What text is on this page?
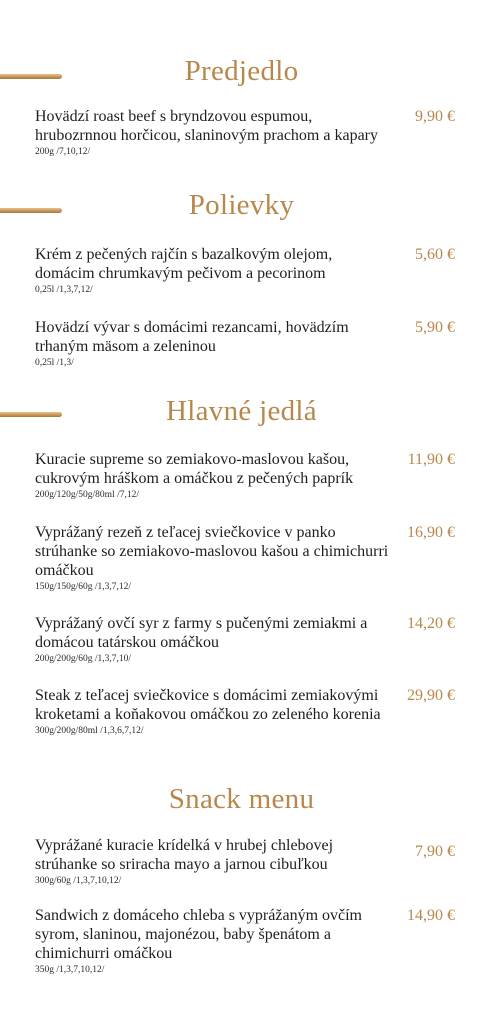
Predjedlo
Hovädzí roast beef s bryndzovou espumou, hrubozrnnou horčicou, slaninovým prachom a kapary
200g /7,10,12/
9,90 €
Polievky
Krém z pečených rajčín s bazalkovým olejom, domácim chrumkavým pečivom a pecorinom
0,25l /1,3,7,12/
5,60 €
Hovädzí vývar s domácimi rezancami, hovädzím trhaným mäsom a zeleninou
0,25l /1,3/
5,90 €
Hlavné jedlá
Kuracie supreme so zemiakovo-maslovou kašou, cukrovým hráškom a omáčkou z pečených paprík
200g/120g/50g/80ml /7,12/
11,90 €
Vyprážaný rezeň z teľacej sviečkovice v panko strúhanke so zemiakovo-maslovou kašou a chimichurri omáčkou
150g/150g/60g /1,3,7,12/
16,90 €
Vyprážaný ovčí syr z farmy s pučenými zemiakmi a domácou tatárskou omáčkou
200g/200g/60g /1,3,7,10/
14,20 €
Steak z teľacej sviečkovice s domácimi zemiakovými kroketami a koňakovou omáčkou zo zeleného korenia
300g/200g/80ml /1,3,6,7,12/
29,90 €
Snack menu
Vyprážané kuracie krídelká v hrubej chlebovej strúhanke so sriracha mayo a jarnou cibuľkou
300g/60g /1,3,7,10,12/
7,90 €
Sandwich z domáceho chleba s vyprážaným ovčím syrom, slaninou, majonézou, baby špenátom a chimichurri omáčkou
350g /1,3,7,10,12/
14,90 €
